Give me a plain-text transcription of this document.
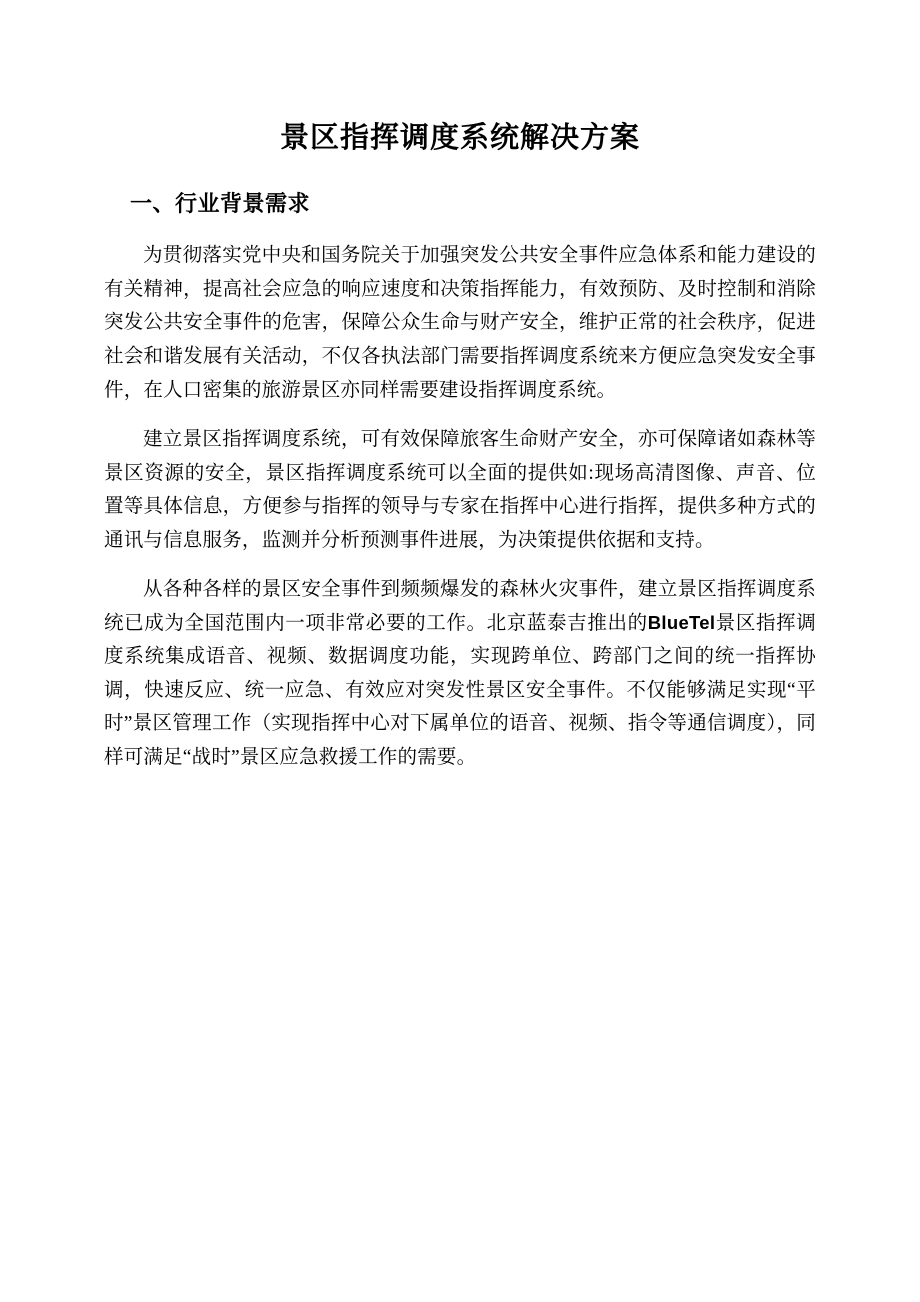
景区指挥调度系统解决方案
一、行业背景需求

为贯彻落实党中央和国务院关于加强突发公共安全事件应急体系和能力建设的有关精神，提高社会应急的响应速度和决策指挥能力，有效预防、及时控制和消除突发公共安全事件的危害，保障公众生命与财产安全，维护正常的社会秩序，促进社会和谐发展有关活动，不仅各执法部门需要指挥调度系统来方便应急突发安全事件，在人口密集的旅游景区亦同样需要建设指挥调度系统。

建立景区指挥调度系统，可有效保障旅客生命财产安全，亦可保障诸如森林等景区资源的安全，景区指挥调度系统可以全面的提供如:现场高清图像、声音、位置等具体信息，方便参与指挥的领导与专家在指挥中心进行指挥，提供多种方式的通讯与信息服务，监测并分析预测事件进展，为决策提供依据和支持。

从各种各样的景区安全事件到频频爆发的森林火灾事件，建立景区指挥调度系统已成为全国范围内一项非常必要的工作。北京蓝泰吉推出的BlueTel景区指挥调度系统集成语音、视频、数据调度功能，实现跨单位、跨部门之间的统一指挥协调，快速反应、统一应急、有效应对突发性景区安全事件。不仅能够满足实现“平时”景区管理工作（实现指挥中心对下属单位的语音、视频、指令等通信调度），同样可满足“战时”景区应急救援工作的需要。
